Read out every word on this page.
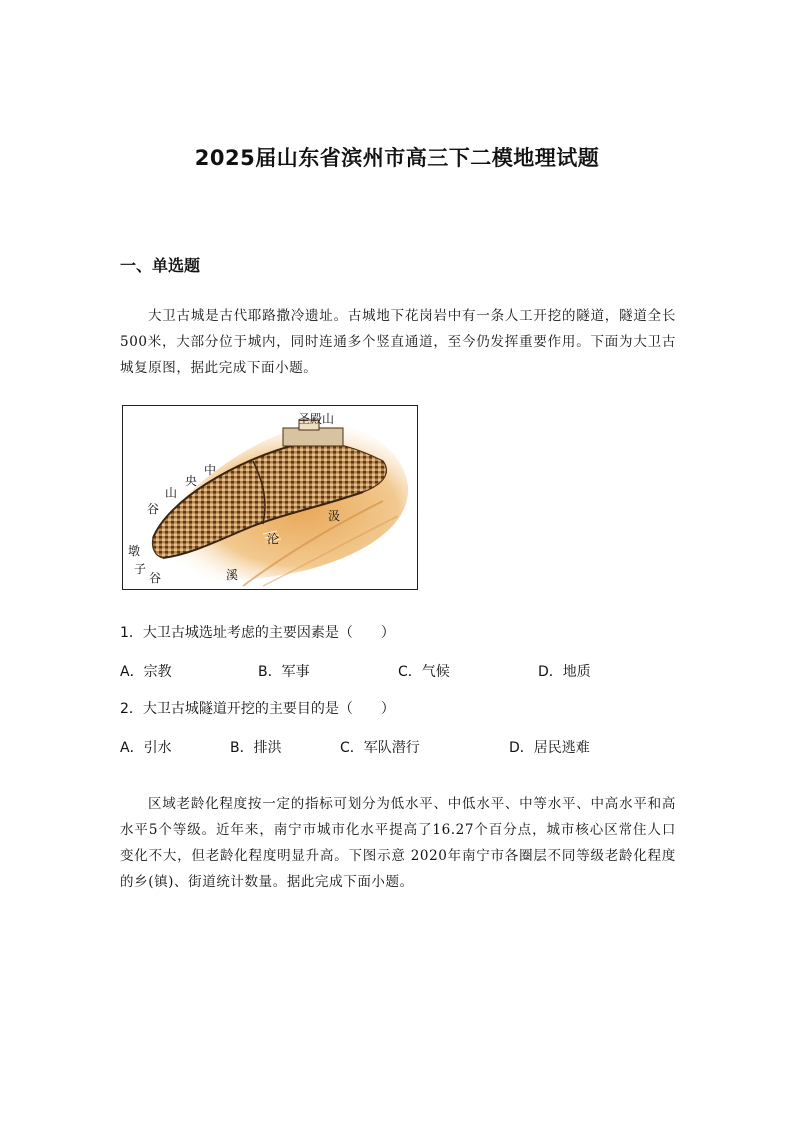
2025届山东省滨州市高三下二模地理试题
一、单选题
大卫古城是古代耶路撒冷遗址。古城地下花岗岩中有一条人工开挖的隧道，隧道全长500米，大部分位于城内，同时连通多个竖直通道，至今仍发挥重要作用。下面为大卫古城复原图，据此完成下面小题。
圣殿山
中
央
山
谷	汲
沦
溪
墩
子
谷
1．大卫古城选址考虑的主要因素是（　　）
A．宗教	B．军事	C．气候	D．地质
2．大卫古城隧道开挖的主要目的是（　　）
A．引水	B．排洪	C．军队潜行	D．居民逃难
区域老龄化程度按一定的指标可划分为低水平、中低水平、中等水平、中高水平和高水平5个等级。近年来，南宁市城市化水平提高了16.27个百分点，城市核心区常住人口变化不大，但老龄化程度明显升高。下图示意 2020年南宁市各圈层不同等级老龄化程度的乡(镇)、街道统计数量。据此完成下面小题。
